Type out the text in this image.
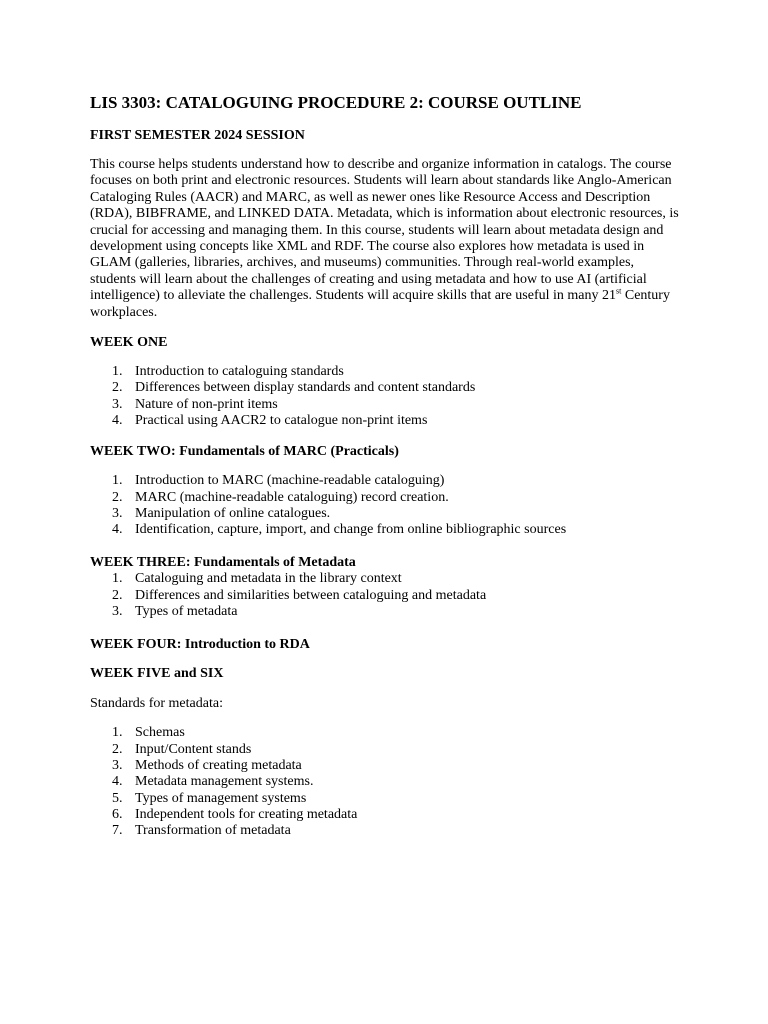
LIS 3303: CATALOGUING PROCEDURE 2: COURSE OUTLINE

FIRST SEMESTER 2024 SESSION

This course helps students understand how to describe and organize information in catalogs. The course focuses on both print and electronic resources. Students will learn about standards like Anglo-American Cataloging Rules (AACR) and MARC, as well as newer ones like Resource Access and Description (RDA), BIBFRAME, and LINKED DATA. Metadata, which is information about electronic resources, is crucial for accessing and managing them. In this course, students will learn about metadata design and development using concepts like XML and RDF. The course also explores how metadata is used in GLAM (galleries, libraries, archives, and museums) communities. Through real-world examples, students will learn about the challenges of creating and using metadata and how to use AI (artificial intelligence) to alleviate the challenges. Students will acquire skills that are useful in many 21st Century workplaces.

WEEK ONE

1. Introduction to cataloguing standards
2. Differences between display standards and content standards
3. Nature of non-print items
4. Practical using AACR2 to catalogue non-print items

WEEK TWO: Fundamentals of MARC (Practicals)

1. Introduction to MARC (machine-readable cataloguing)
2. MARC (machine-readable cataloguing) record creation.
3. Manipulation of online catalogues.
4. Identification, capture, import, and change from online bibliographic sources

WEEK THREE: Fundamentals of Metadata

1. Cataloguing and metadata in the library context
2. Differences and similarities between cataloguing and metadata
3. Types of metadata

WEEK FOUR: Introduction to RDA

WEEK FIVE and SIX

Standards for metadata:

1. Schemas
2. Input/Content stands
3. Methods of creating metadata
4. Metadata management systems.
5. Types of management systems
6. Independent tools for creating metadata
7. Transformation of metadata
